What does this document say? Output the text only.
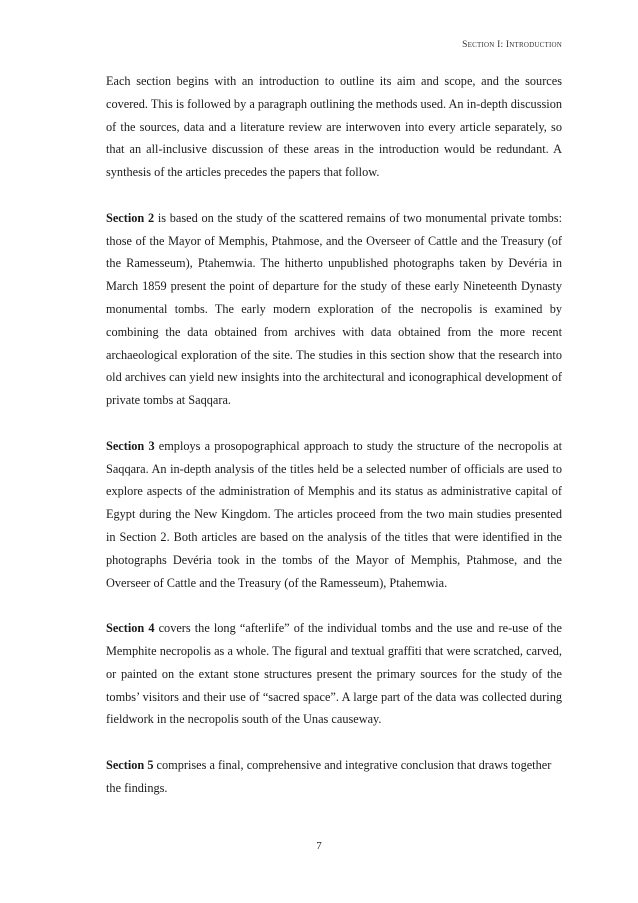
Section I: Introduction

Each section begins with an introduction to outline its aim and scope, and the sources covered. This is followed by a paragraph outlining the methods used. An in-depth discussion of the sources, data and a literature review are interwoven into every article separately, so that an all-inclusive discussion of these areas in the introduction would be redundant. A synthesis of the articles precedes the papers that follow.

Section 2 is based on the study of the scattered remains of two monumental private tombs: those of the Mayor of Memphis, Ptahmose, and the Overseer of Cattle and the Treasury (of the Ramesseum), Ptahemwia. The hitherto unpublished photographs taken by Devéria in March 1859 present the point of departure for the study of these early Nineteenth Dynasty monumental tombs. The early modern exploration of the necropolis is examined by combining the data obtained from archives with data obtained from the more recent archaeological exploration of the site. The studies in this section show that the research into old archives can yield new insights into the architectural and iconographical development of private tombs at Saqqara.

Section 3 employs a prosopographical approach to study the structure of the necropolis at Saqqara. An in-depth analysis of the titles held be a selected number of officials are used to explore aspects of the administration of Memphis and its status as administrative capital of Egypt during the New Kingdom. The articles proceed from the two main studies presented in Section 2. Both articles are based on the analysis of the titles that were identified in the photographs Devéria took in the tombs of the Mayor of Memphis, Ptahmose, and the Overseer of Cattle and the Treasury (of the Ramesseum), Ptahemwia.

Section 4 covers the long “afterlife” of the individual tombs and the use and re-use of the Memphite necropolis as a whole. The figural and textual graffiti that were scratched, carved, or painted on the extant stone structures present the primary sources for the study of the tombs’ visitors and their use of “sacred space”. A large part of the data was collected during fieldwork in the necropolis south of the Unas causeway.

Section 5 comprises a final, comprehensive and integrative conclusion that draws together the findings.

7
